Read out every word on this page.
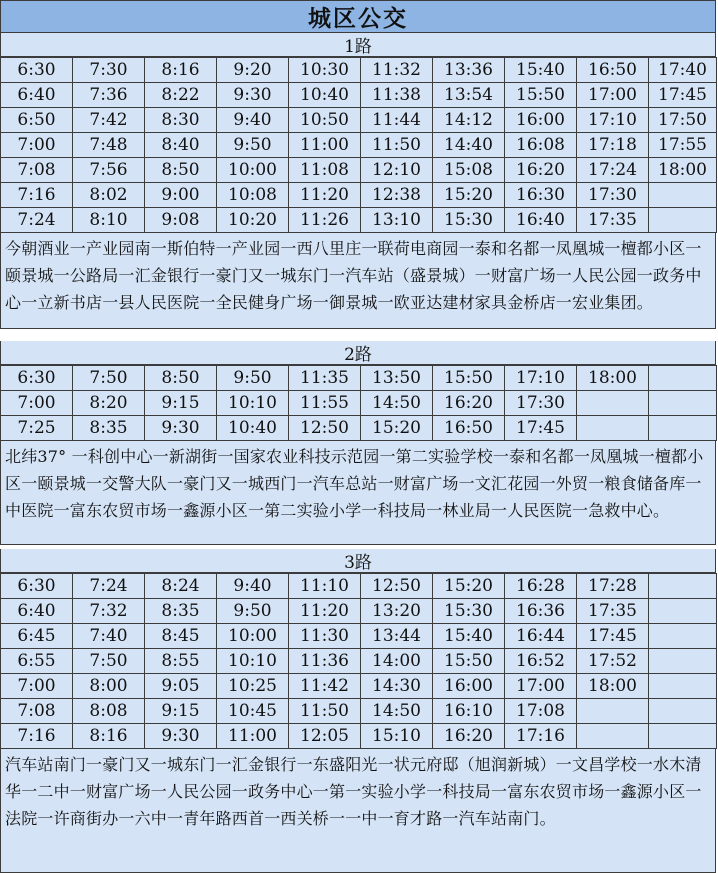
城区公交
1路
6:30	7:30	8:16	9:20	10:30	11:32	13:36	15:40	16:50	17:40
6:40	7:36	8:22	9:30	10:40	11:38	13:54	15:50	17:00	17:45
6:50	7:42	8:30	9:40	10:50	11:44	14:12	16:00	17:10	17:50
7:00	7:48	8:40	9:50	11:00	11:50	14:40	16:08	17:18	17:55
7:08	7:56	8:50	10:00	11:08	12:10	15:08	16:20	17:24	18:00
7:16	8:02	9:00	10:08	11:20	12:38	15:20	16:30	17:30	
7:24	8:10	9:08	10:20	11:26	13:10	15:30	16:40	17:35	
今朝酒业一产业园南一斯伯特一产业园一西八里庄一联荷电商园一泰和名都一凤凰城一檀都小区一颐景城一公路局一汇金银行一豪门又一城东门一汽车站（盛景城）一财富广场一人民公园一政务中心一立新书店一县人民医院一全民健身广场一御景城一欧亚达建材家具金桥店一宏业集团。
2路
6:30	7:50	8:50	9:50	11:35	13:50	15:50	17:10	18:00	
7:00	8:20	9:15	10:10	11:55	14:50	16:20	17:30		
7:25	8:35	9:30	10:40	12:50	15:20	16:50	17:45		
北纬37° 一科创中心一新湖街一国家农业科技示范园一第二实验学校一泰和名都一凤凰城一檀都小区一颐景城一交警大队一豪门又一城西门一汽车总站一财富广场一文汇花园一外贸一粮食储备库一中医院一富东农贸市场一鑫源小区一第二实验小学一科技局一林业局一人民医院一急救中心。
3路
6:30	7:24	8:24	9:40	11:10	12:50	15:20	16:28	17:28	
6:40	7:32	8:35	9:50	11:20	13:20	15:30	16:36	17:35	
6:45	7:40	8:45	10:00	11:30	13:44	15:40	16:44	17:45	
6:55	7:50	8:55	10:10	11:36	14:00	15:50	16:52	17:52	
7:00	8:00	9:05	10:25	11:42	14:30	16:00	17:00	18:00	
7:08	8:08	9:15	10:45	11:50	14:50	16:10	17:08		
7:16	8:16	9:30	11:00	12:05	15:10	16:20	17:16		
汽车站南门一豪门又一城东门一汇金银行一东盛阳光一状元府邸（旭润新城）一文昌学校一水木清华一二中一财富广场一人民公园一政务中心一第一实验小学一科技局一富东农贸市场一鑫源小区一法院一许商街办一六中一青年路西首一西关桥一一中一育才路一汽车站南门。
